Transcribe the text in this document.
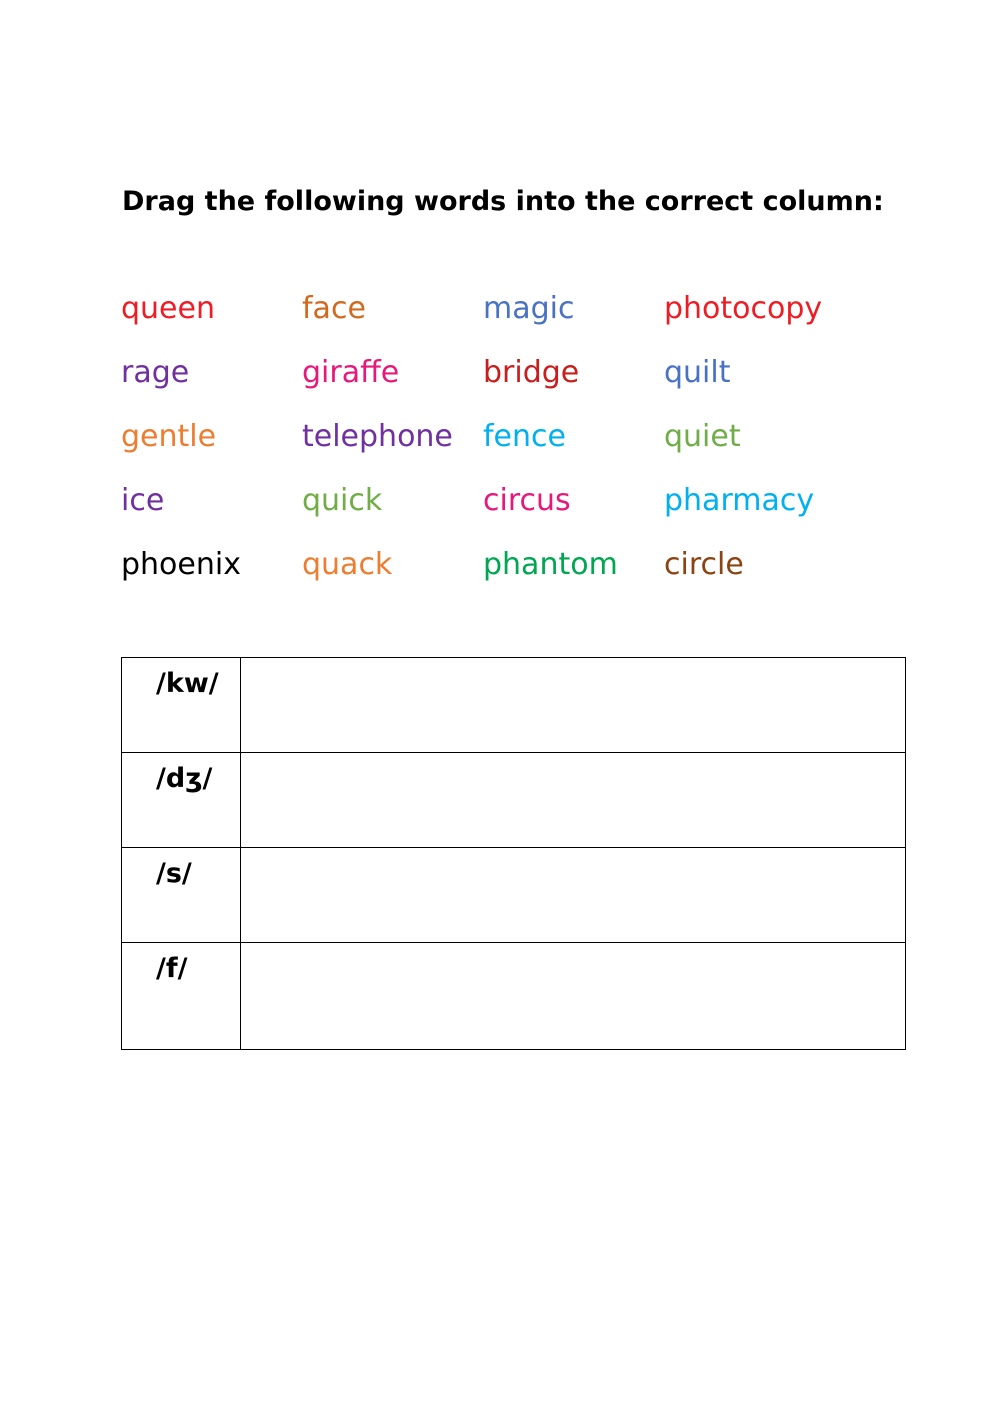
Drag the following words into the correct column:
queen	face	magic	photocopy
rage	giraffe	bridge	quilt
gentle	telephone	fence	quiet
ice	quick	circus	pharmacy
phoenix	quack	phantom	circle
/kw/	

/dʒ/	

/s/	

/f/	
